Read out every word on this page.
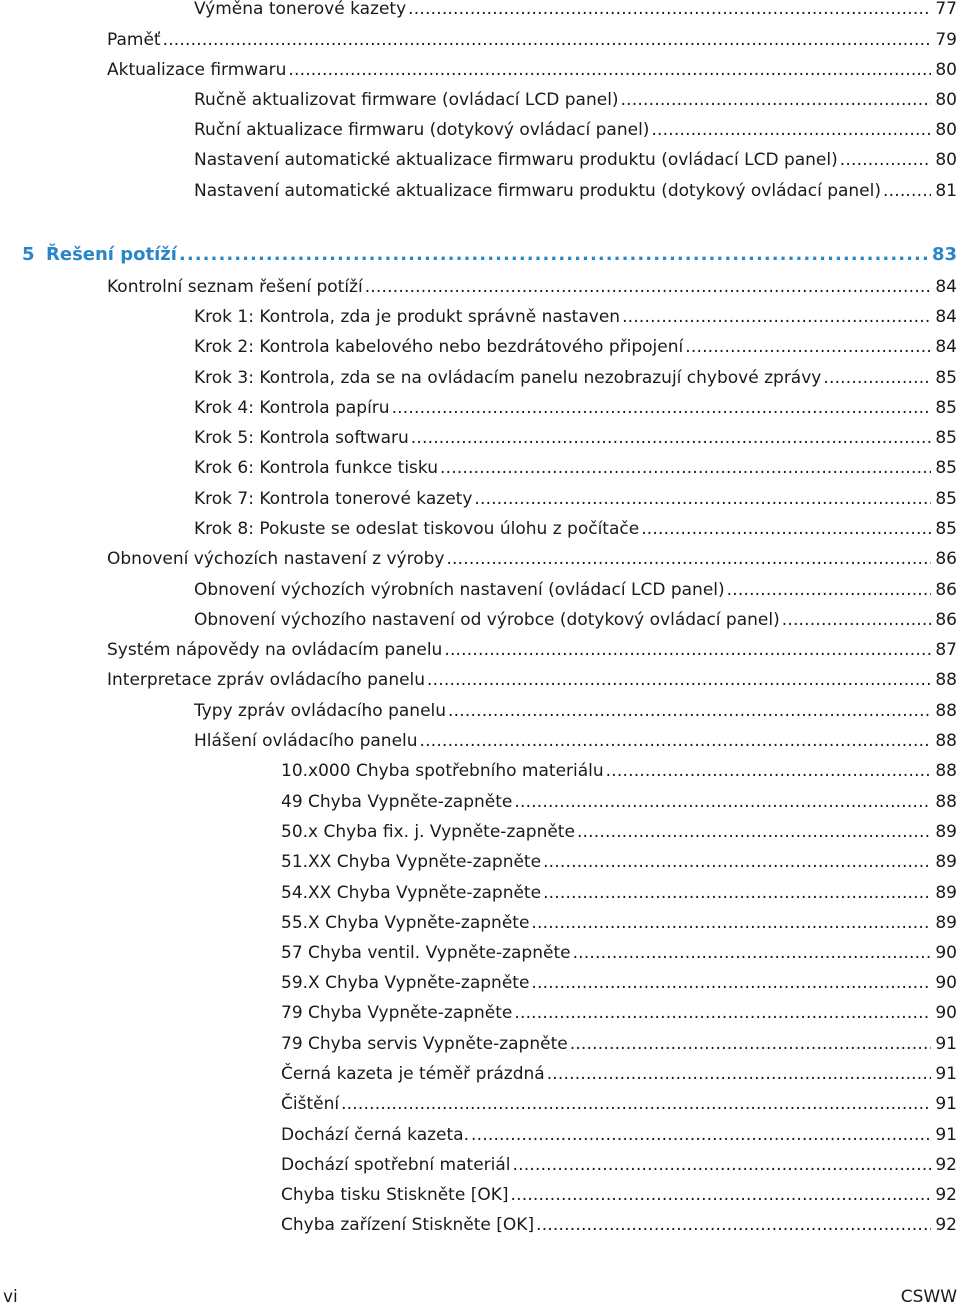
Výměna tonerové kazety . . .	77
Paměť . . .	79
Aktualizace firmwaru . . .	80
Ručně aktualizovat firmware (ovládací LCD panel) . . .	80
Ruční aktualizace firmwaru (dotykový ovládací panel) . . .	80
Nastavení automatické aktualizace firmwaru produktu (ovládací LCD panel) . . .	80
Nastavení automatické aktualizace firmwaru produktu (dotykový ovládací panel) . . .	81
5 Řešení potíží . . .	83
Kontrolní seznam řešení potíží . . .	84
Krok 1: Kontrola, zda je produkt správně nastaven . . .	84
Krok 2: Kontrola kabelového nebo bezdrátového připojení . . .	84
Krok 3: Kontrola, zda se na ovládacím panelu nezobrazují chybové zprávy . . .	85
Krok 4: Kontrola papíru . . .	85
Krok 5: Kontrola softwaru . . .	85
Krok 6: Kontrola funkce tisku . . .	85
Krok 7: Kontrola tonerové kazety . . .	85
Krok 8: Pokuste se odeslat tiskovou úlohu z počítače . . .	85
Obnovení výchozích nastavení z výroby . . .	86
Obnovení výchozích výrobních nastavení (ovládací LCD panel) . . .	86
Obnovení výchozího nastavení od výrobce (dotykový ovládací panel) . . .	86
Systém nápovědy na ovládacím panelu . . .	87
Interpretace zpráv ovládacího panelu . . .	88
Typy zpráv ovládacího panelu . . .	88
Hlášení ovládacího panelu . . .	88
10.x000 Chyba spotřebního materiálu . . .	88
49 Chyba Vypněte-zapněte . . .	88
50.x Chyba fix. j. Vypněte-zapněte . . .	89
51.XX Chyba Vypněte-zapněte . . .	89
54.XX Chyba Vypněte-zapněte . . .	89
55.X Chyba Vypněte-zapněte . . .	89
57 Chyba ventil. Vypněte-zapněte . . .	90
59.X Chyba Vypněte-zapněte . . .	90
79 Chyba Vypněte-zapněte . . .	90
79 Chyba servis Vypněte-zapněte . . .	91
Černá kazeta je téměř prázdná . . .	91
Čištění . . .	91
Dochází černá kazeta. . . .	91
Dochází spotřební materiál . . .	92
Chyba tisku Stiskněte [OK] . . .	92
Chyba zařízení Stiskněte [OK] . . .	92
vi	CSWW
